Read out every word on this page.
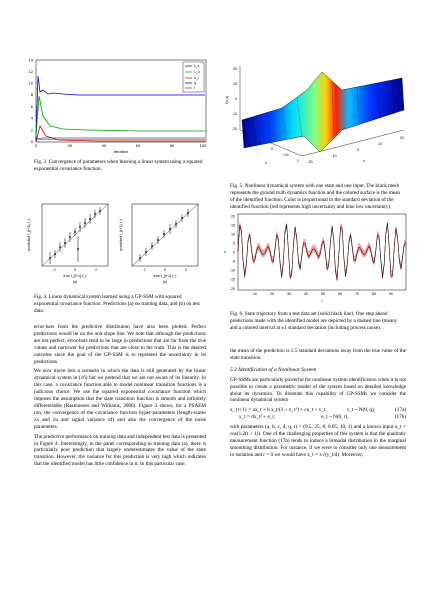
0
2
4
6
8
10
12
14
0	20	40	60	80	100
Iteration
λ_x
λ_u
σ_f
q
r
Fig. 3. Convergence of parameters when learning a linear system using a squared exponential covariance function.
predicted f_{t+1}-f_t
-2	0	2
true f_{t+1}-f_t
(a)
predicted f_{t+1}-f_t
-2	0	2
true f_{t+1}-f_t
(b)
Fig. 4. Linear dynamical system learned using a GP-SSM with squared exponential covariance function. Predictions (a) on training data, and (b) on test data.

error-bars from the predictive distribution have also been plotted. Perfect predictions would lie on the unit slope line. We note that although the predictions are not perfect, error-bars tend to be large in predictions that are far from the true values and narrower for predictions that are close to the truth. This is the desired outcome since the goal of the GP-SSM is to represent the uncertainty in its predictions.

We now move into a scenario in which the data is still generated by the linear dynamical system in (16) but we pretend that we are not aware of its linearity. In this case, a covariance function able to model nonlinear transition functions is a judicious choice. We use the squared exponential covariance function which imposes the assumption that the state transition function is smooth and infinitely differentiable (Rasmussen and Williams, 2006). Figure 3 shows, for a PSAEM run, the convergence of the covariance function hyper-parameters (length-scales λx and λu and signal variance σf) and also the convergence of the noise parameters.

The predictive performance on training data and independent test data is presented in Figure 4. Interestingly, in the panel corresponding to training data (a), there is particularly poor prediction that largely underestimates the value of the state transition. However, the variance for this prediction is very high which indicates that the identified model has little confidence in it. In this particular case,

20
10
0
-10
-20
f(x,u)
-1
-0.5
0
0.5
1
u	-20
-10
0
10
20
x
Fig. 5. Nonlinear dynamical system with one state and one input. The black mesh represents the ground truth dynamics function and the colored surface is the mean of the identified function. Color is proportional to the standard deviation of the identified function (red represents high uncertainty and blue low uncertainty).
20
15
10
5
0
-5
-10
-15
-20
x
10	20	30	40	50	60	70	80	90
t
Fig. 6. State trajectory from a test data set (solid black line). One step ahead predictions made with the identified model are depicted by a dashed line (mean) and a colored interval at ±1 standard deviation (including process noise).

the mean of the prediction is 2.5 standard deviations away from the true value of the state transition.

5.3 Identification of a Nonlinear System

GP-SSMs are particularly powerful for nonlinear system identification when it is not possible to create a parametric model of the system based on detailed knowledge about its dynamics. To illustrate this capability of GP-SSMs we consider the nonlinear dynamical system

x_{t+1} = ax_t + b x_t/(1 + x_t²) + cu_t + v_t,	v_t ~ N(0, q),	(17a)
y_t = dx_t² + e_t,	e_t ~ N(0, r),	(17b)

with parameters (a, b, c, d, q, r) = (0.5, 25, 8, 0.05, 10, 1) and a known input u_t = cos(1.2(t + 1)). One of the challenging properties of this system is that the quadratic measurement function (17b) tends to induce a bimodal distribution in the marginal smoothing distribution. For instance, if we were to consider only one measurement in isolation and r = 0 we would have x_t = ±√(y_t/d). Moreover,
